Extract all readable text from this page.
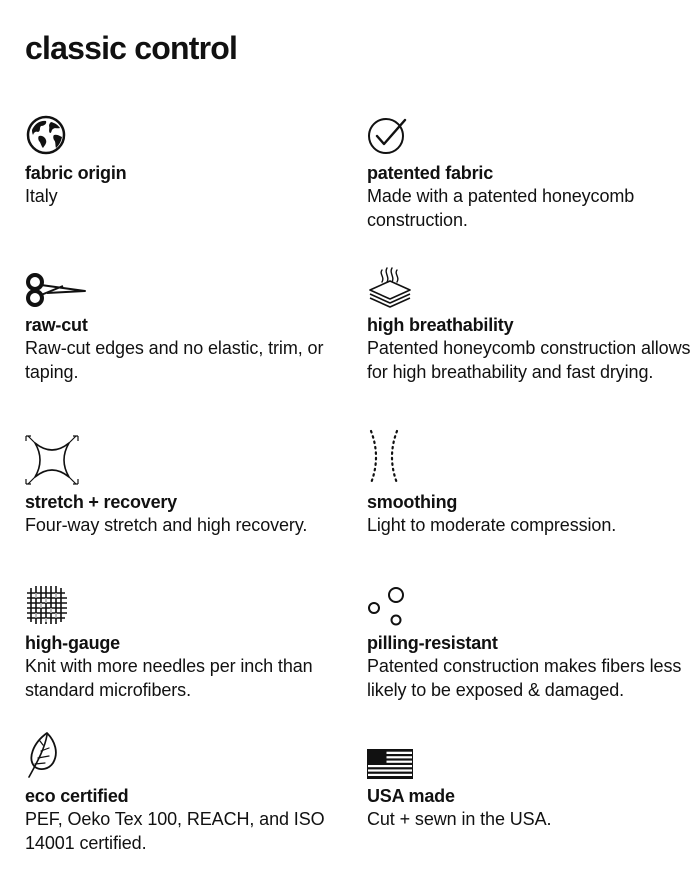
classic control
fabric origin
Italy
patented fabric
Made with a patented honeycomb construction.
raw-cut
Raw-cut edges and no elastic, trim, or taping.
high breathability
Patented honeycomb construction allows for high breathability and fast drying.
stretch + recovery
Four-way stretch and high recovery.
smoothing
Light to moderate compression.
high-gauge
Knit with more needles per inch than standard microfibers.
pilling-resistant
Patented construction makes fibers less likely to be exposed & damaged.
eco certified
PEF, Oeko Tex 100, REACH, and ISO 14001 certified.
USA made
Cut + sewn in the USA.
